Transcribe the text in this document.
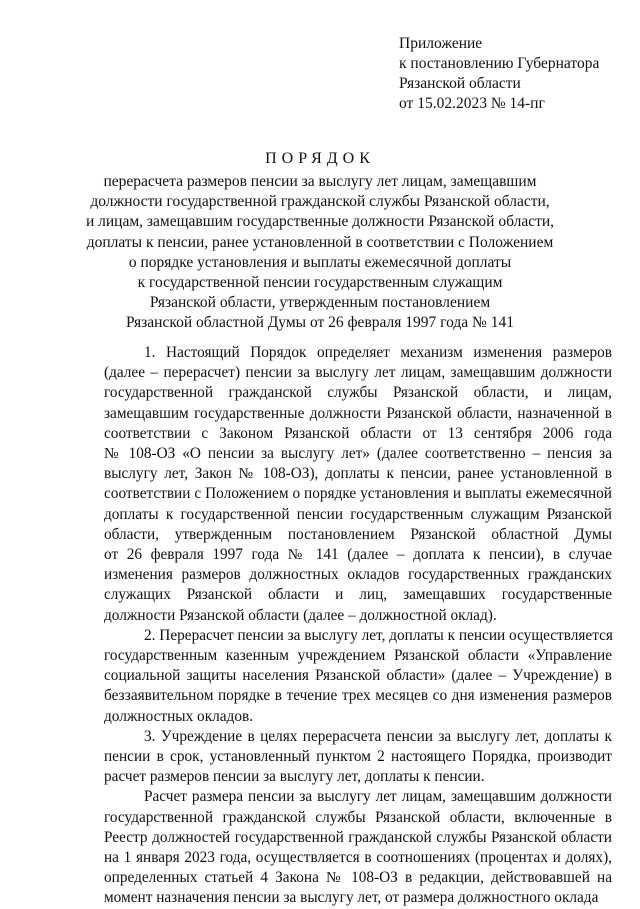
Приложение
к постановлению Губернатора
Рязанской области
от 15.02.2023 № 14-пг
ПОРЯДОК
перерасчета размеров пенсии за выслугу лет лицам, замещавшим
должности государственной гражданской службы Рязанской области,
и лицам, замещавшим государственные должности Рязанской области,
доплаты к пенсии, ранее установленной в соответствии с Положением
о порядке установления и выплаты ежемесячной доплаты
к государственной пенсии государственным служащим
Рязанской области, утвержденным постановлением
Рязанской областной Думы от 26 февраля 1997 года № 141
1. Настоящий Порядок определяет механизм изменения размеров
(далее – перерасчет) пенсии за выслугу лет лицам, замещавшим должности
государственной гражданской службы Рязанской области, и лицам,
замещавшим государственные должности Рязанской области, назначенной в
соответствии с Законом Рязанской области от 13 сентября 2006 года
№ 108-ОЗ «О пенсии за выслугу лет» (далее соответственно – пенсия за
выслугу лет, Закон № 108-ОЗ), доплаты к пенсии, ранее установленной в
соответствии с Положением о порядке установления и выплаты ежемесячной
доплаты к государственной пенсии государственным служащим Рязанской
области, утвержденным постановлением Рязанской областной Думы
от 26 февраля 1997 года № 141 (далее – доплата к пенсии), в случае
изменения размеров должностных окладов государственных гражданских
служащих Рязанской области и лиц, замещавших государственные
должности Рязанской области (далее – должностной оклад).
2. Перерасчет пенсии за выслугу лет, доплаты к пенсии осуществляется
государственным казенным учреждением Рязанской области «Управление
социальной защиты населения Рязанской области» (далее – Учреждение) в
беззаявительном порядке в течение трех месяцев со дня изменения размеров
должностных окладов.
3. Учреждение в целях перерасчета пенсии за выслугу лет, доплаты к
пенсии в срок, установленный пунктом 2 настоящего Порядка, производит
расчет размеров пенсии за выслугу лет, доплаты к пенсии.
Расчет размера пенсии за выслугу лет лицам, замещавшим должности
государственной гражданской службы Рязанской области, включенные в
Реестр должностей государственной гражданской службы Рязанской области
на 1 января 2023 года, осуществляется в соотношениях (процентах и долях),
определенных статьей 4 Закона № 108-ОЗ в редакции, действовавшей на
момент назначения пенсии за выслугу лет, от размера должностного оклада
